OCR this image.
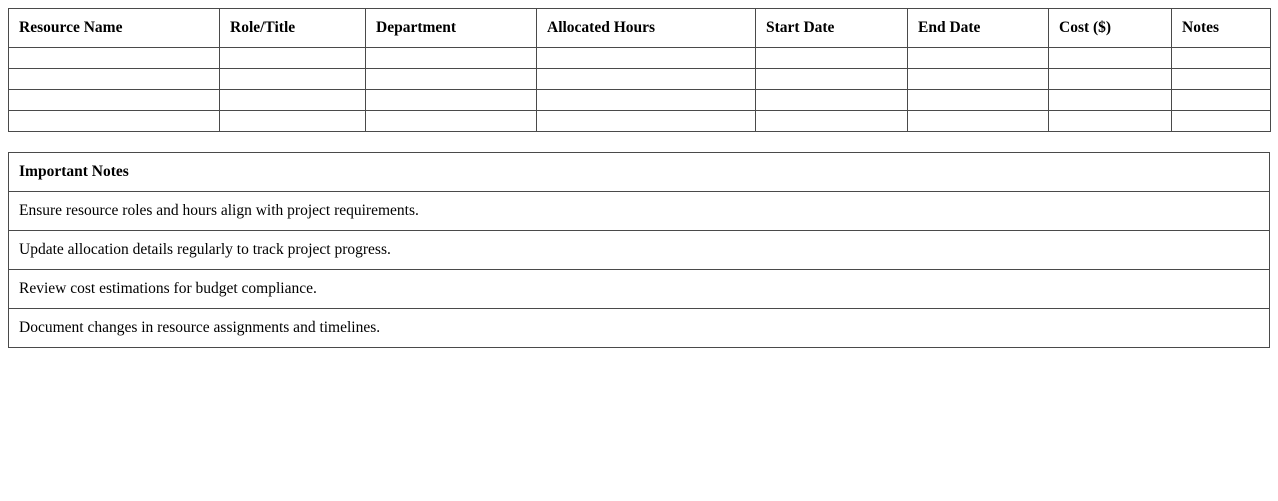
Resource Name	Role/Title	Department	Allocated Hours	Start Date	End Date	Cost ($)	Notes

Important Notes
Ensure resource roles and hours align with project requirements.
Update allocation details regularly to track project progress.
Review cost estimations for budget compliance.
Document changes in resource assignments and timelines.
